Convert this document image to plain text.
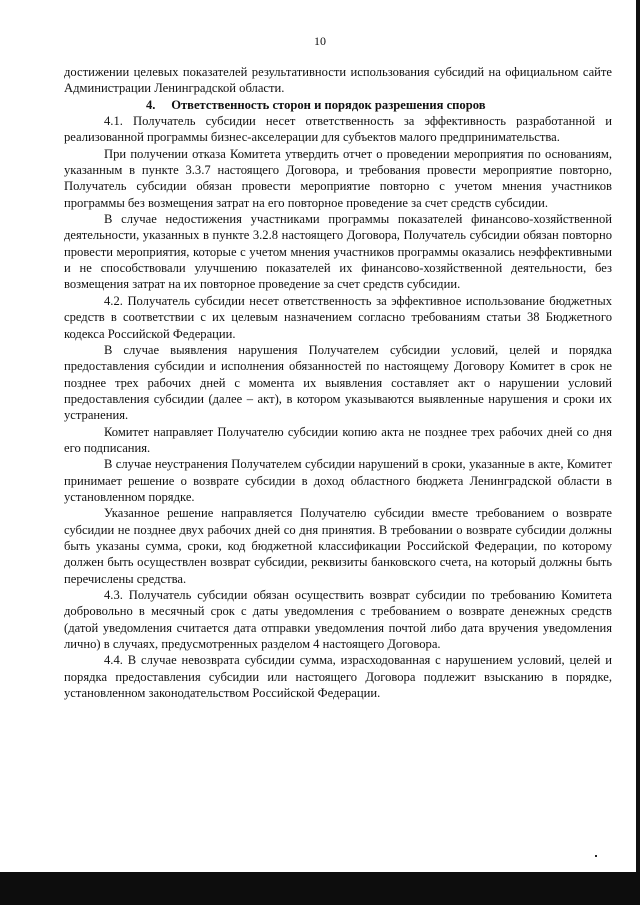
10

достижении целевых показателей результативности использования субсидий на официальном сайте Администрации Ленинградской области.

4.     Ответственность сторон и порядок разрешения споров

4.1. Получатель субсидии несет ответственность за эффективность разработанной и реализованной программы бизнес-акселерации для субъектов малого предпринимательства.

При получении отказа Комитета утвердить отчет о проведении мероприятия по основаниям, указанным в пункте 3.3.7 настоящего Договора, и требования провести мероприятие повторно, Получатель субсидии обязан провести мероприятие повторно с учетом мнения участников программы без возмещения затрат на его повторное проведение за счет средств субсидии.

В случае недостижения участниками программы показателей финансово-хозяйственной деятельности, указанных в пункте 3.2.8 настоящего Договора, Получатель субсидии обязан повторно провести мероприятия, которые с учетом мнения участников программы оказались неэффективными и не способствовали улучшению показателей их финансово-хозяйственной деятельности, без возмещения затрат на их повторное проведение за счет средств субсидии.

4.2. Получатель субсидии несет ответственность за эффективное использование бюджетных средств в соответствии с их целевым назначением согласно требованиям статьи 38 Бюджетного кодекса Российской Федерации.

В случае выявления нарушения Получателем субсидии условий, целей и порядка предоставления субсидии и исполнения обязанностей по настоящему Договору Комитет в срок не позднее трех рабочих дней с момента их выявления составляет акт о нарушении условий предоставления субсидии (далее – акт), в котором указываются выявленные нарушения и сроки их устранения.

Комитет направляет Получателю субсидии копию акта не позднее трех рабочих дней со дня его подписания.

В случае неустранения Получателем субсидии нарушений в сроки, указанные в акте, Комитет принимает решение о возврате субсидии в доход областного бюджета Ленинградской области в установленном порядке.

Указанное решение направляется Получателю субсидии вместе требованием о возврате субсидии не позднее двух рабочих дней со дня принятия. В требовании о возврате субсидии должны быть указаны сумма, сроки, код бюджетной классификации Российской Федерации, по которому должен быть осуществлен возврат субсидии, реквизиты банковского счета, на который должны быть перечислены средства.

4.3. Получатель субсидии обязан осуществить возврат субсидии по требованию Комитета добровольно в месячный срок с даты уведомления с требованием о возврате денежных средств (датой уведомления считается дата отправки уведомления почтой либо дата вручения уведомления лично) в случаях, предусмотренных разделом 4 настоящего Договора.

4.4. В случае невозврата субсидии сумма, израсходованная с нарушением условий, целей и порядка предоставления субсидии или настоящего Договора подлежит взысканию в порядке, установленном законодательством Российской Федерации.
